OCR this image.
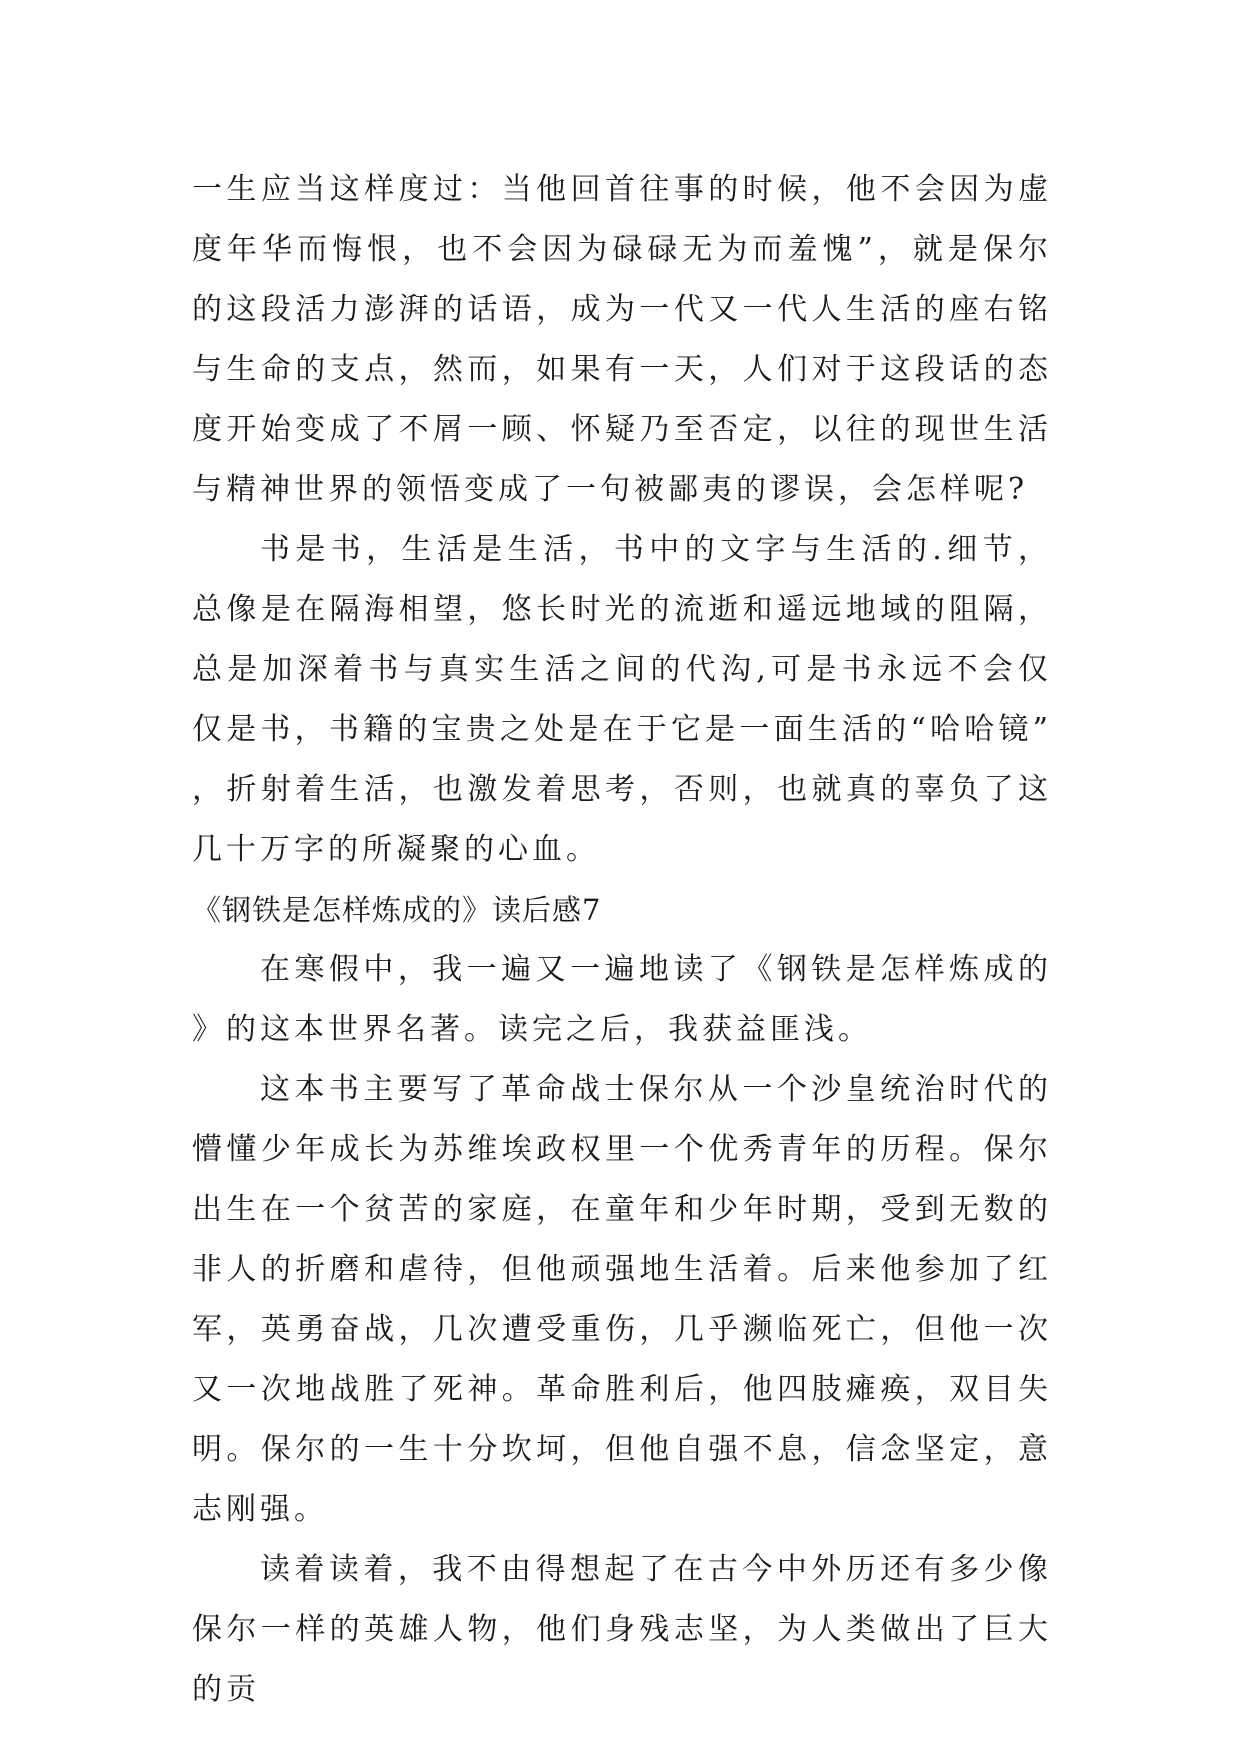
一生应当这样度过：当他回首往事的时候，他不会因为虚度年华而悔恨，也不会因为碌碌无为而羞愧”，就是保尔的这段活力澎湃的话语，成为一代又一代人生活的座右铭与生命的支点，然而，如果有一天，人们对于这段话的态度开始变成了不屑一顾、怀疑乃至否定，以往的现世生活与精神世界的领悟变成了一句被鄙夷的谬误，会怎样呢?

书是书，生活是生活，书中的文字与生活的.细节，总像是在隔海相望，悠长时光的流逝和遥远地域的阻隔，总是加深着书与真实生活之间的代沟,可是书永远不会仅仅是书，书籍的宝贵之处是在于它是一面生活的“哈哈镜”，折射着生活，也激发着思考，否则，也就真的辜负了这几十万字的所凝聚的心血。

《钢铁是怎样炼成的》读后感7

在寒假中，我一遍又一遍地读了《钢铁是怎样炼成的》的这本世界名著。读完之后，我获益匪浅。

这本书主要写了革命战士保尔从一个沙皇统治时代的懵懂少年成长为苏维埃政权里一个优秀青年的历程。保尔出生在一个贫苦的家庭，在童年和少年时期，受到无数的非人的折磨和虐待，但他顽强地生活着。后来他参加了红军，英勇奋战，几次遭受重伤，几乎濒临死亡，但他一次又一次地战胜了死神。革命胜利后，他四肢瘫痪，双目失明。保尔的一生十分坎坷，但他自强不息，信念坚定，意志刚强。

读着读着，我不由得想起了在古今中外历还有多少像保尔一样的英雄人物，他们身残志坚，为人类做出了巨大的贡
